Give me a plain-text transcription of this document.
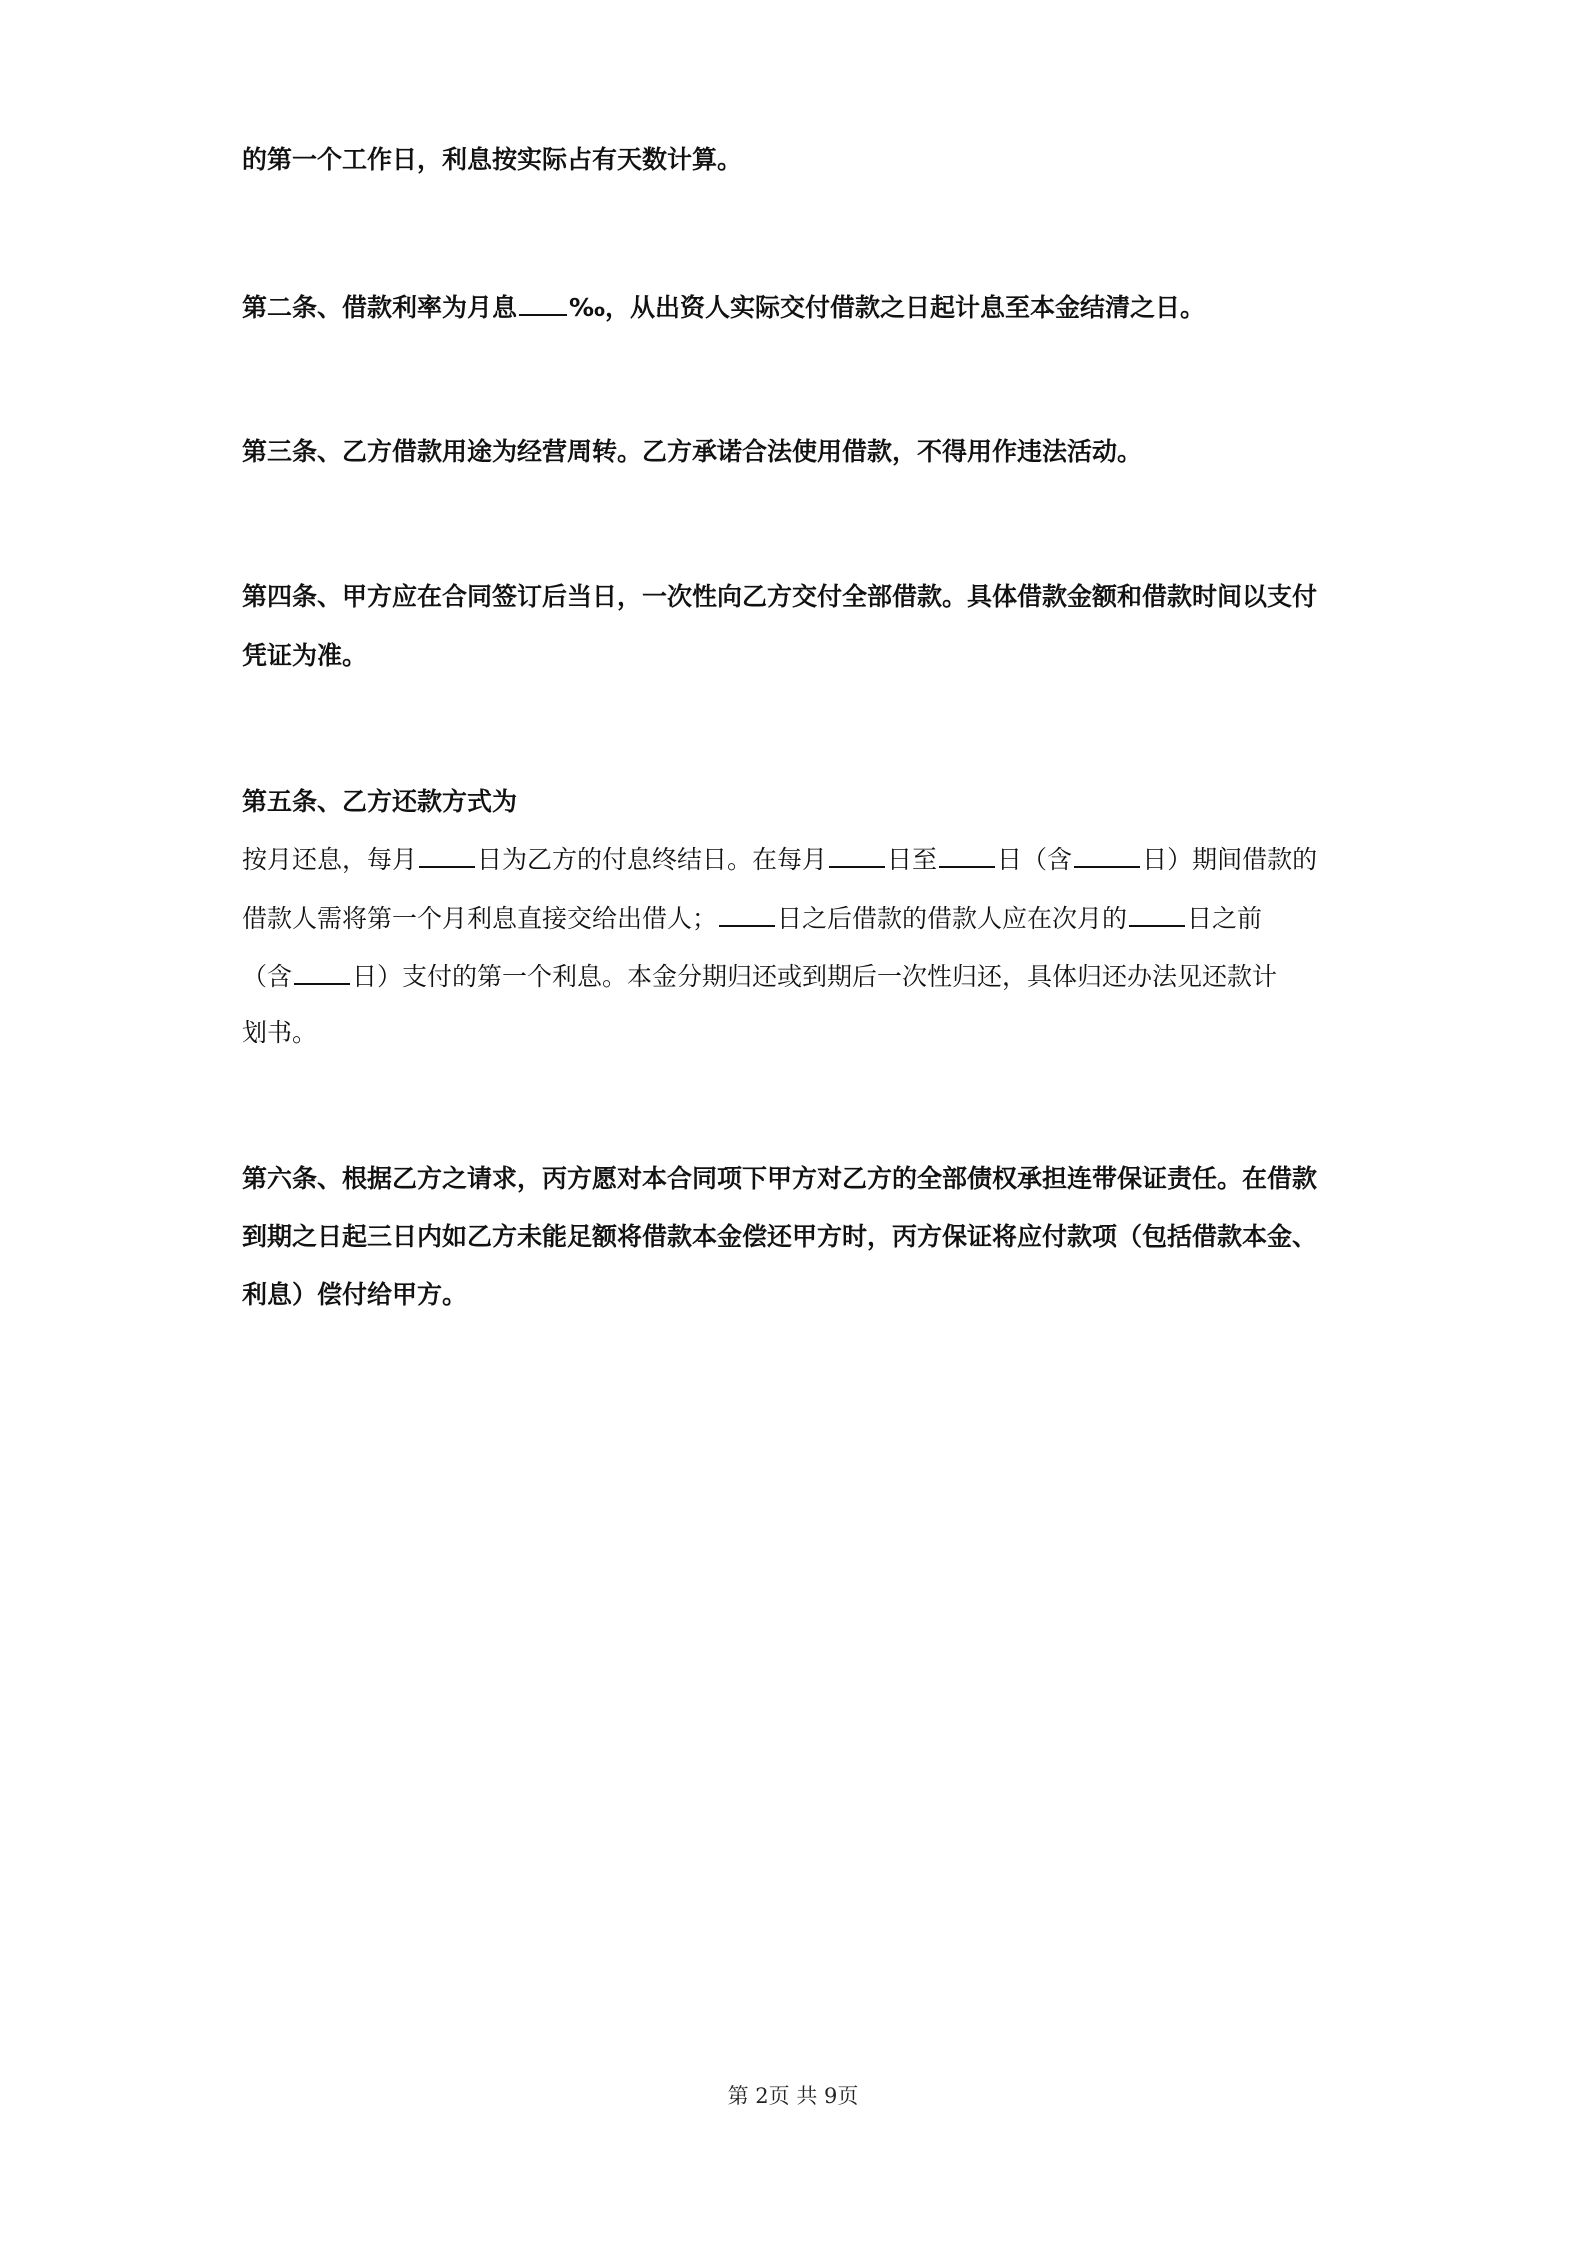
的第一个工作日，利息按实际占有天数计算。
第二条、借款利率为月息 ‰，从出资人实际交付借款之日起计息至本金结清之日。
第三条、乙方借款用途为经营周转。乙方承诺合法使用借款，不得用作违法活动。
第四条、甲方应在合同签订后当日，一次性向乙方交付全部借款。具体借款金额和借款时间以支付
凭证为准。
第五条、乙方还款方式为
按月还息，每月 日为乙方的付息终结日。在每月 日至 日（含	日）期间借款的
借款人需将第一个月利息直接交给出借人； 日之后借款的借款人应在次月的 日之前
（含 日）支付的第一个利息。本金分期归还或到期后一次性归还，具体归还办法见还款计
划书。
第六条、根据乙方之请求，丙方愿对本合同项下甲方对乙方的全部债权承担连带保证责任。在借款
到期之日起三日内如乙方未能足额将借款本金偿还甲方时，丙方保证将应付款项（包括借款本金、
利息）偿付给甲方。
第 2页 共 9页
